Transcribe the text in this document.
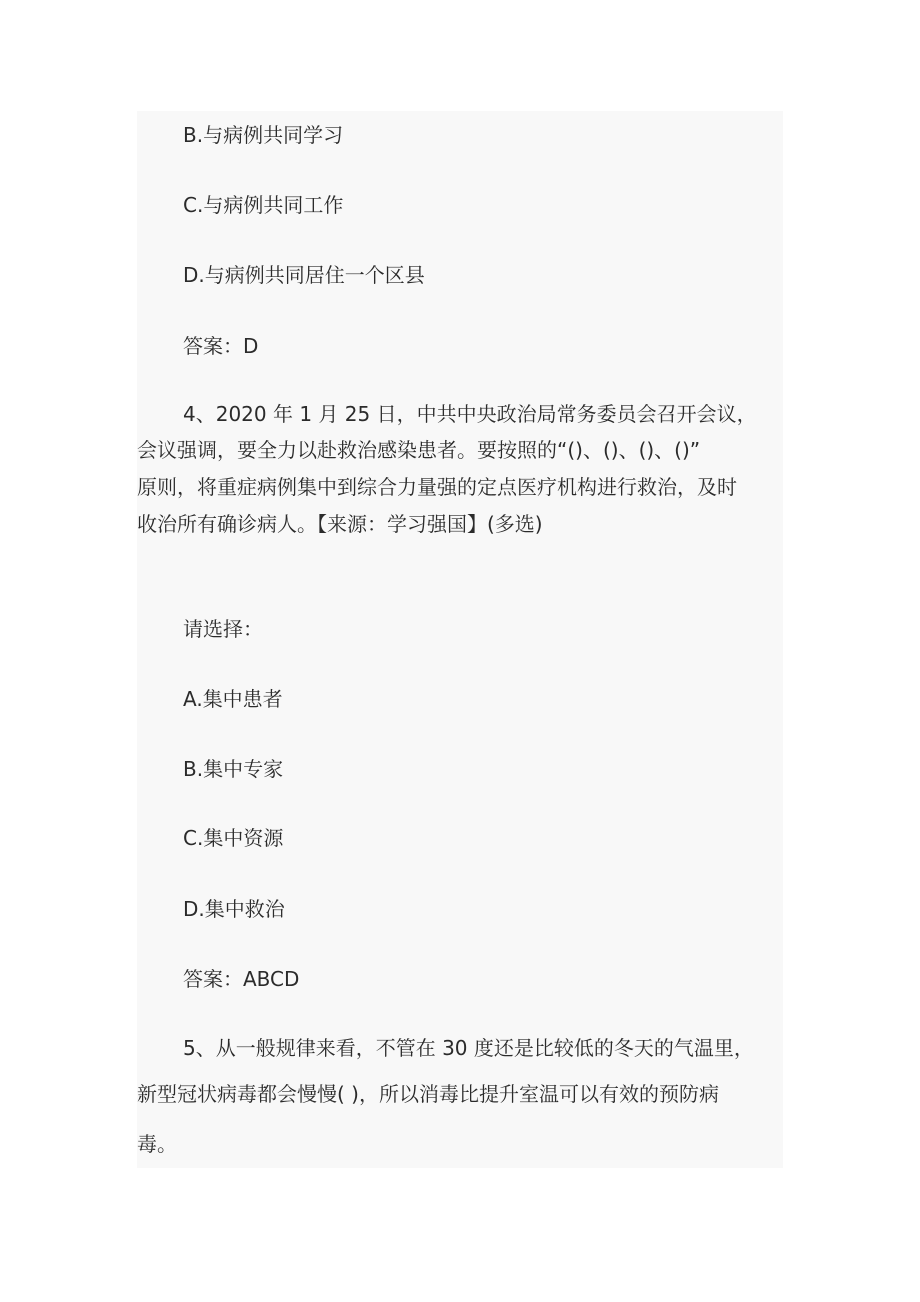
B.与病例共同学习
C.与病例共同工作
D.与病例共同居住一个区县
答案：D
4、2020 年 1 月 25 日，中共中央政治局常务委员会召开会议，
会议强调，要全力以赴救治感染患者。要按照的“()、()、()、()”
原则，将重症病例集中到综合力量强的定点医疗机构进行救治，及时
收治所有确诊病人。【来源：学习强国】(多选)
请选择：
A.集中患者
B.集中专家
C.集中资源
D.集中救治
答案：ABCD
5、从一般规律来看，不管在 30 度还是比较低的冬天的气温里，
新型冠状病毒都会慢慢( )，所以消毒比提升室温可以有效的预防病
毒。
